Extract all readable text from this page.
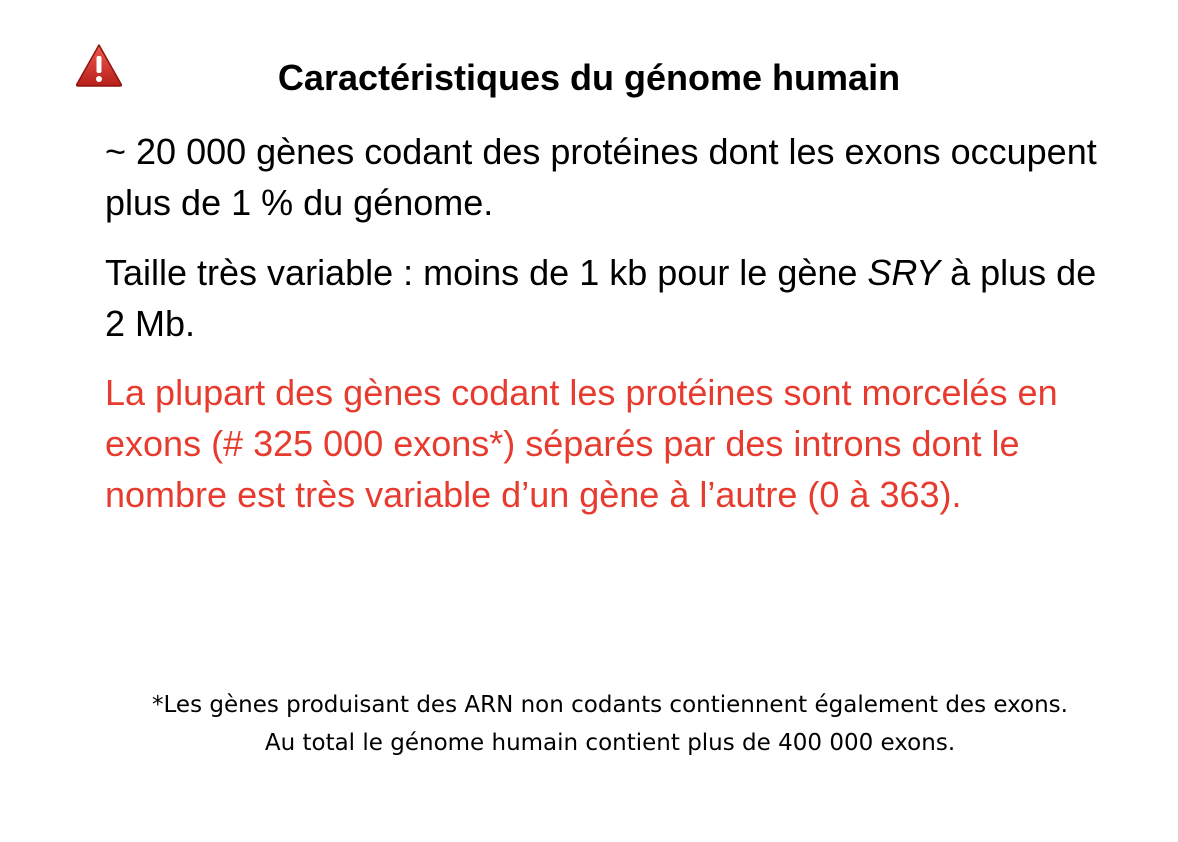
Caractéristiques du génome humain

~ 20 000 gènes codant des protéines dont les exons occupent plus de 1 % du génome.

Taille très variable : moins de 1 kb pour le gène SRY à plus de 2 Mb.

La plupart des gènes codant les protéines sont morcelés en exons (# 325 000 exons*) séparés par des introns dont le nombre est très variable d’un gène à l’autre (0 à 363).

*Les gènes produisant des ARN non codants contiennent également des exons.
Au total le génome humain contient plus de 400 000 exons.
